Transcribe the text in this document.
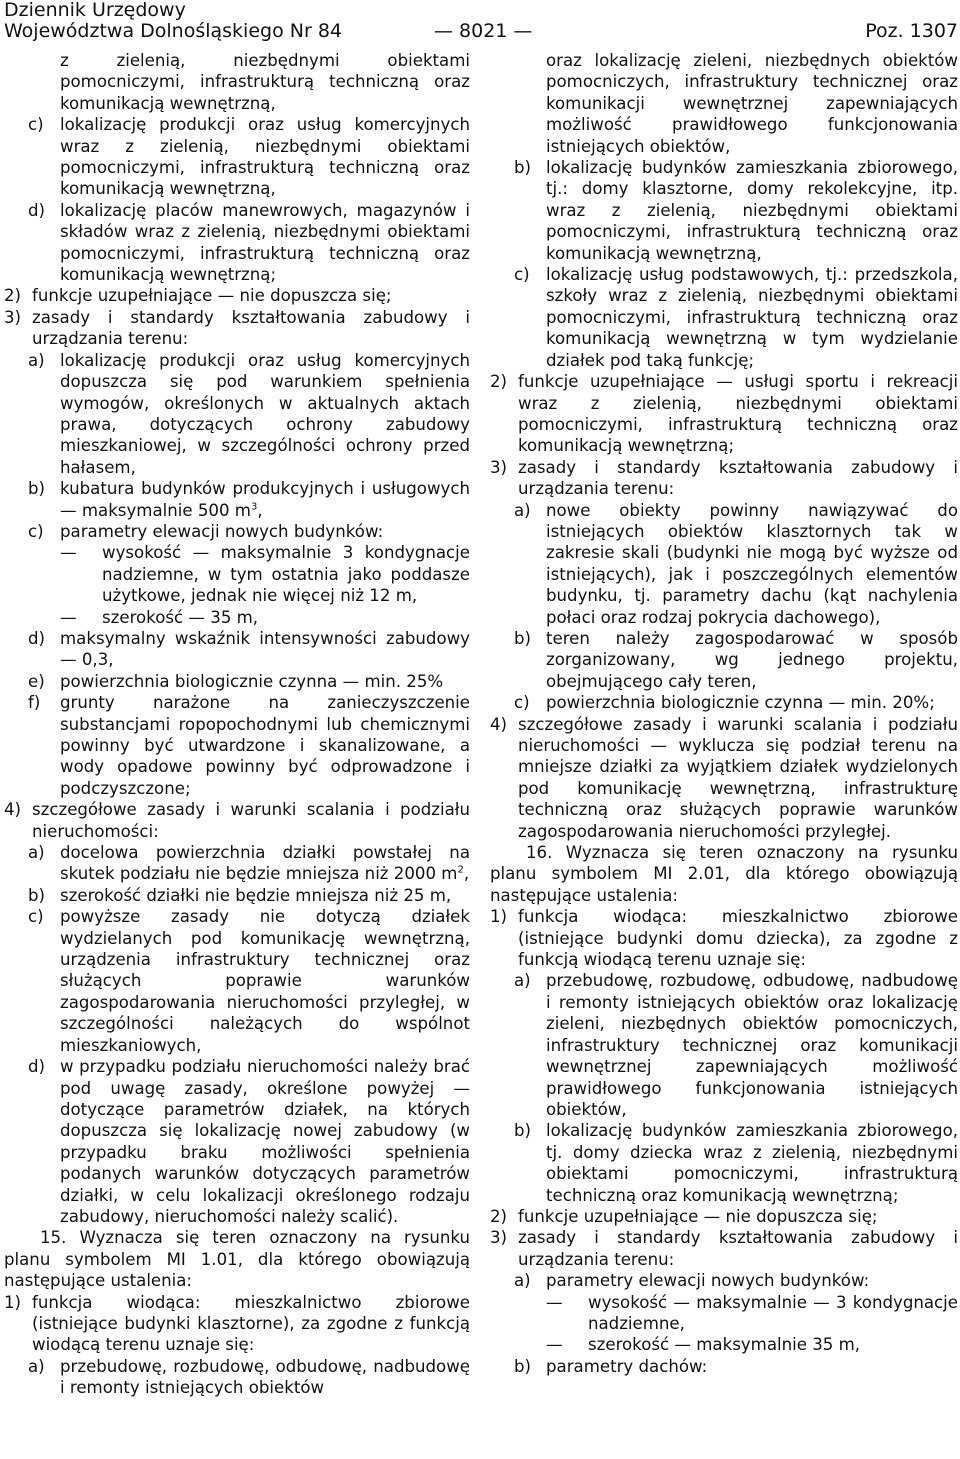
Dziennik Urzędowy
Województwa Dolnośląskiego Nr 84	— 8021 —	Poz. 1307

z zielenią, niezbędnymi obiektami pomocniczymi, infrastrukturą techniczną oraz komunikacją wewnętrzną,

c) lokalizację produkcji oraz usług komercyjnych wraz z zielenią, niezbędnymi obiektami pomocniczymi, infrastrukturą techniczną oraz komunikacją wewnętrzną,

d) lokalizację placów manewrowych, magazynów i składów wraz z zielenią, niezbędnymi obiektami pomocniczymi, infrastrukturą techniczną oraz komunikacją wewnętrzną;

2) funkcje uzupełniające — nie dopuszcza się;

3) zasady i standardy kształtowania zabudowy i urządzania terenu:

a) lokalizację produkcji oraz usług komercyjnych dopuszcza się pod warunkiem spełnienia wymogów, określonych w aktualnych aktach prawa, dotyczących ochrony zabudowy mieszkaniowej, w szczególności ochrony przed hałasem,

b) kubatura budynków produkcyjnych i usługowych — maksymalnie 500 $m^3$,

c) parametry elewacji nowych budynków:

—	wysokość — maksymalnie 3 kondygnacje nadziemne, w tym ostatnia jako poddasze użytkowe, jednak nie więcej niż 12 m,

—	szerokość — 35 m,

d) maksymalny wskaźnik intensywności zabudowy — 0,3,

e) powierzchnia biologicznie czynna — min. 25%

f)	grunty narażone na zanieczyszczenie substancjami ropopochodnymi lub chemicznymi powinny być utwardzone i skanalizowane, a wody opadowe powinny być odprowadzone i podczyszczone;

4) szczegółowe zasady i warunki scalania i podziału nieruchomości:

a) docelowa powierzchnia działki powstałej na skutek podziału nie będzie mniejsza niż 2000 $m^2$,

b) szerokość działki nie będzie mniejsza niż 25 m,

c) powyższe zasady nie dotyczą działek wydzielanych pod komunikację wewnętrzną, urządzenia infrastruktury technicznej oraz służących poprawie warunków zagospodarowania nieruchomości przyległej, w szczególności należących do wspólnot mieszkaniowych,

d) w przypadku podziału nieruchomości należy brać pod uwagę zasady, określone powyżej — dotyczące parametrów działek, na których dopuszcza się lokalizację nowej zabudowy (w przypadku braku możliwości spełnienia podanych warunków dotyczących parametrów działki, w celu lokalizacji określonego rodzaju zabudowy, nieruchomości należy scalić).

15. Wyznacza się teren oznaczony na rysunku planu symbolem MI 1.01, dla którego obowiązują następujące ustalenia:

1) funkcja wiodąca: mieszkalnictwo zbiorowe (istniejące budynki klasztorne), za zgodne z funkcją wiodącą terenu uznaje się:

a) przebudowę, rozbudowę, odbudowę, nadbudowę i remonty istniejących obiektów

oraz lokalizację zieleni, niezbędnych obiektów pomocniczych, infrastruktury technicznej oraz komunikacji wewnętrznej zapewniających możliwość prawidłowego funkcjonowania istniejących obiektów,

b) lokalizację budynków zamieszkania zbiorowego, tj.: domy klasztorne, domy rekolekcyjne, itp. wraz z zielenią, niezbędnymi obiektami pomocniczymi, infrastrukturą techniczną oraz komunikacją wewnętrzną,

c) lokalizację usług podstawowych, tj.: przedszkola, szkoły wraz z zielenią, niezbędnymi obiektami pomocniczymi, infrastrukturą techniczną oraz komunikacją wewnętrzną w tym wydzielanie działek pod taką funkcję;

2) funkcje uzupełniające — usługi sportu i rekreacji wraz z zielenią, niezbędnymi obiektami pomocniczymi, infrastrukturą techniczną oraz komunikacją wewnętrzną;

3) zasady i standardy kształtowania zabudowy i urządzania terenu:

a) nowe obiekty powinny nawiązywać do istniejących obiektów klasztornych tak w zakresie skali (budynki nie mogą być wyższe od istniejących), jak i poszczególnych elementów budynku, tj. parametry dachu (kąt nachylenia połaci oraz rodzaj pokrycia dachowego),

b) teren należy zagospodarować w sposób zorganizowany, wg jednego projektu, obejmującego cały teren,

c) powierzchnia biologicznie czynna — min. 20%;

4) szczegółowe zasady i warunki scalania i podziału nieruchomości — wyklucza się podział terenu na mniejsze działki za wyjątkiem działek wydzielonych pod komunikację wewnętrzną, infrastrukturę techniczną oraz służących poprawie warunków zagospodarowania nieruchomości przyległej.

16. Wyznacza się teren oznaczony na rysunku planu symbolem MI 2.01, dla którego obowiązują następujące ustalenia:

1) funkcja wiodąca: mieszkalnictwo zbiorowe (istniejące budynki domu dziecka), za zgodne z funkcją wiodącą terenu uznaje się:

a) przebudowę, rozbudowę, odbudowę, nadbudowę i remonty istniejących obiektów oraz lokalizację zieleni, niezbędnych obiektów pomocniczych, infrastruktury technicznej oraz komunikacji wewnętrznej zapewniających możliwość prawidłowego funkcjonowania istniejących obiektów,

b) lokalizację budynków zamieszkania zbiorowego, tj. domy dziecka wraz z zielenią, niezbędnymi obiektami pomocniczymi, infrastrukturą techniczną oraz komunikacją wewnętrzną;

2) funkcje uzupełniające — nie dopuszcza się;

3) zasady i standardy kształtowania zabudowy i urządzania terenu:

a) parametry elewacji nowych budynków:

—	wysokość — maksymalnie — 3 kondygnacje nadziemne,

—	szerokość — maksymalnie 35 m,

b) parametry dachów:
